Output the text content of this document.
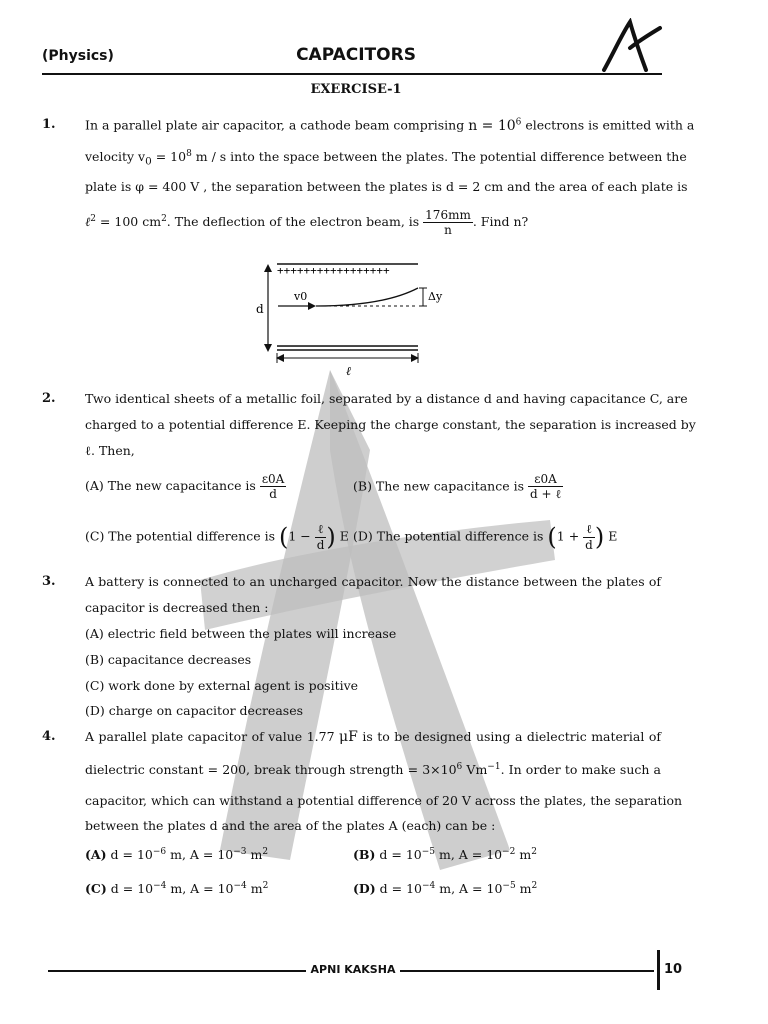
(Physics)	CAPACITORS
EXERCISE-1
1. In a parallel plate air capacitor, a cathode beam comprising $n = 10^6$ electrons is emitted with a
velocity $v_0 = 10^8$ m / s into the space between the plates. The potential difference between the
plate is φ = 400 V , the separation between the plates is d = 2 cm and the area of each plate is
ℓ$^2$ = 100 $cm^2$. The deflection of the electron beam, is $\frac{176mm}{n}$ . Find n?
+++++++++++++++++
_________________
d
v0	Δy
ℓ
2. Two identical sheets of a metallic foil, separated by a distance d and having capacitance C, are
charged to a potential difference E. Keeping the charge constant, the separation is increased by
ℓ. Then,
(A) The new capacitance is $\frac{\varepsilon 0A}{d}$	(B) The new capacitance is $\frac{\varepsilon 0A}{\text{d + ℓ}}$
(C) The potential difference is ($1 - \frac{\text{ℓ}}{d}$ ) E (D) The potential difference is ($1 + \frac{\text{ℓ}}{d}$ ) E
3. A battery is connected to an uncharged capacitor. Now the distance between the plates of
capacitor is decreased then :
(A) electric field between the plates will increase
(B) capacitance decreases
(C) work done by external agent is positive
(D) charge on capacitor decreases
4. A parallel plate capacitor of value 1.77 μF is to be designed using a dielectric material of
dielectric constant = 200, break through strength = $3\times 10^6$ $Vm^{-1}$. In order to make such a
capacitor, which can withstand a potential difference of 20 V across the plates, the separation
between the plates d and the area of the plates A (each) can be :
(A) $d = 10^{-6}$ m, $A = 10^{-3}$ $m^2$	(B) $d = 10^{-5}$ m, $A = 10^{-2}$ $m^2$
(C) $d = 10^{-4}$ m, $A = 10^{-4}$ $m^2$	(D) $d = 10^{-4}$ m, $A = 10^{-5}$ $m^2$
APNI KAKSHA	10
